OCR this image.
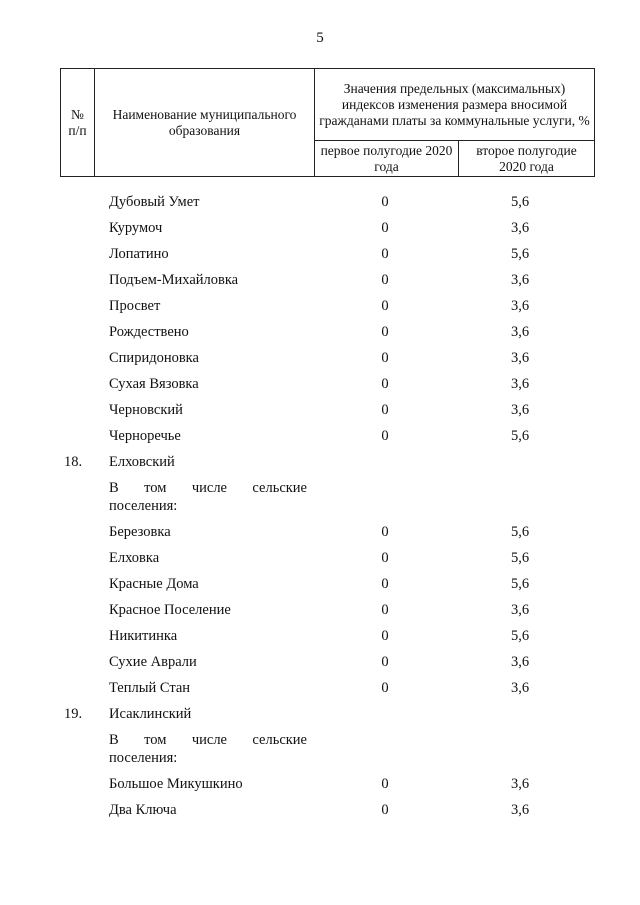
5
№ п/п	Наименование муниципального образования	Значения предельных (максимальных) индексов изменения размера вносимой гражданами платы за коммунальные услуги, %	
		первое полугодие 2020 года	второе полугодие 2020 года
Дубовый Умет	0	5,6
Курумоч	0	3,6
Лопатино	0	5,6
Подъем-Михайловка	0	3,6
Просвет	0	3,6
Рождествено	0	3,6
Спиридоновка	0	3,6
Сухая Вязовка	0	3,6
Черновский	0	3,6
Черноречье	0	5,6
18. Елховский
В том числе сельские поселения:
Березовка	0	5,6
Елховка	0	5,6
Красные Дома	0	5,6
Красное Поселение	0	3,6
Никитинка	0	5,6
Сухие Аврали	0	3,6
Теплый Стан	0	3,6
19. Исаклинский
В том числе сельские поселения:
Большое Микушкино	0	3,6
Два Ключа	0	3,6
